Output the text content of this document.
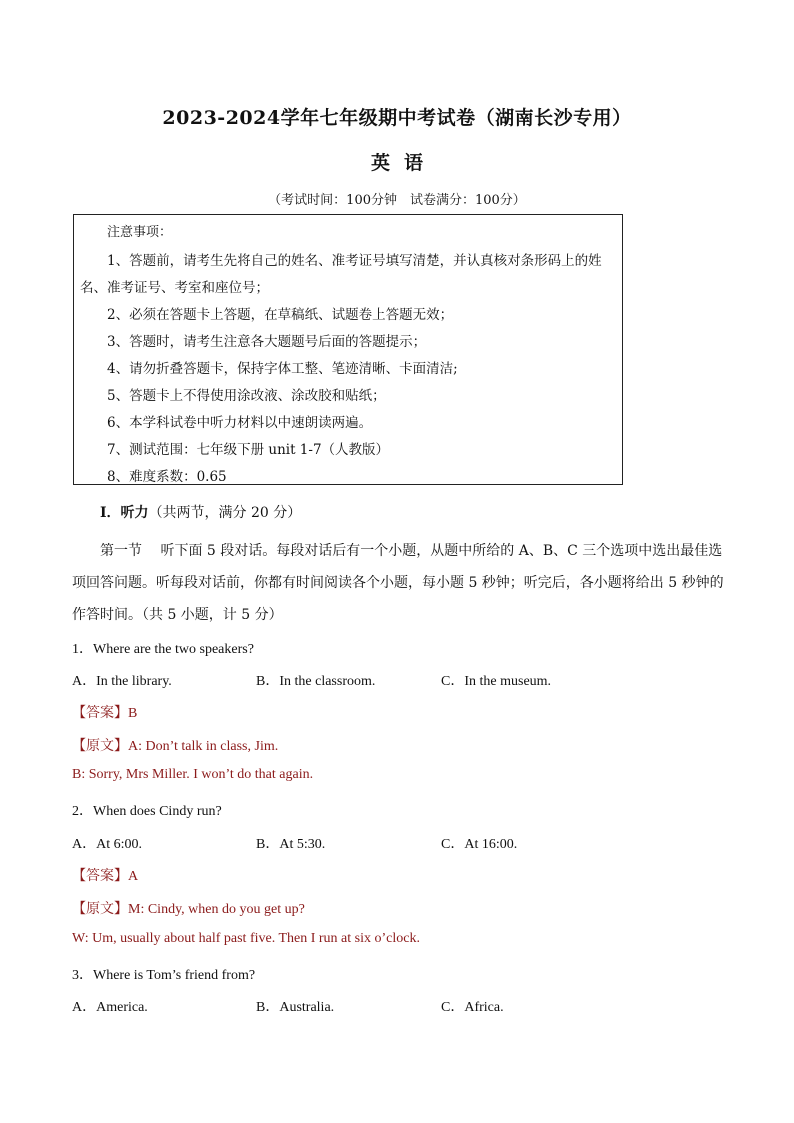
2023-2024学年七年级期中考试卷（湖南长沙专用）
英语
（考试时间：100分钟　试卷满分：100分）
注意事项：
1、答题前，请考生先将自己的姓名、准考证号填写清楚，并认真核对条形码上的姓
名、准考证号、考室和座位号；
2、必须在答题卡上答题，在草稿纸、试题卷上答题无效；
3、答题时，请考生注意各大题题号后面的答题提示；
4、请勿折叠答题卡，保持字体工整、笔迹清晰、卡面清洁;
5、答题卡上不得使用涂改液、涂改胶和贴纸；
6、本学科试卷中听力材料以中速朗读两遍。
7、测试范围：七年级下册 unit 1-7（人教版）
8、难度系数：0.65
I．听力（共两节，满分 20 分）
第一节　 听下面 5 段对话。每段对话后有一个小题，从题中所给的 A、B、C 三个选项中选出最佳选
项回答问题。听每段对话前，你都有时间阅读各个小题，每小题 5 秒钟；听完后，各小题将给出 5 秒钟的
作答时间。（共 5 小题，计 5 分）
1．Where are the two speakers?
A．In the library.	B．In the classroom.	C．In the museum.
【答案】B
【原文】A: Don’t talk in class, Jim.
B: Sorry, Mrs Miller. I won’t do that again.
2．When does Cindy run?
A．At 6:00.	B．At 5:30.	C．At 16:00.
【答案】A
【原文】M: Cindy, when do you get up?
W: Um, usually about half past five. Then I run at six o’clock.
3．Where is Tom’s friend from?
A．America.	B．Australia.	C．Africa.
